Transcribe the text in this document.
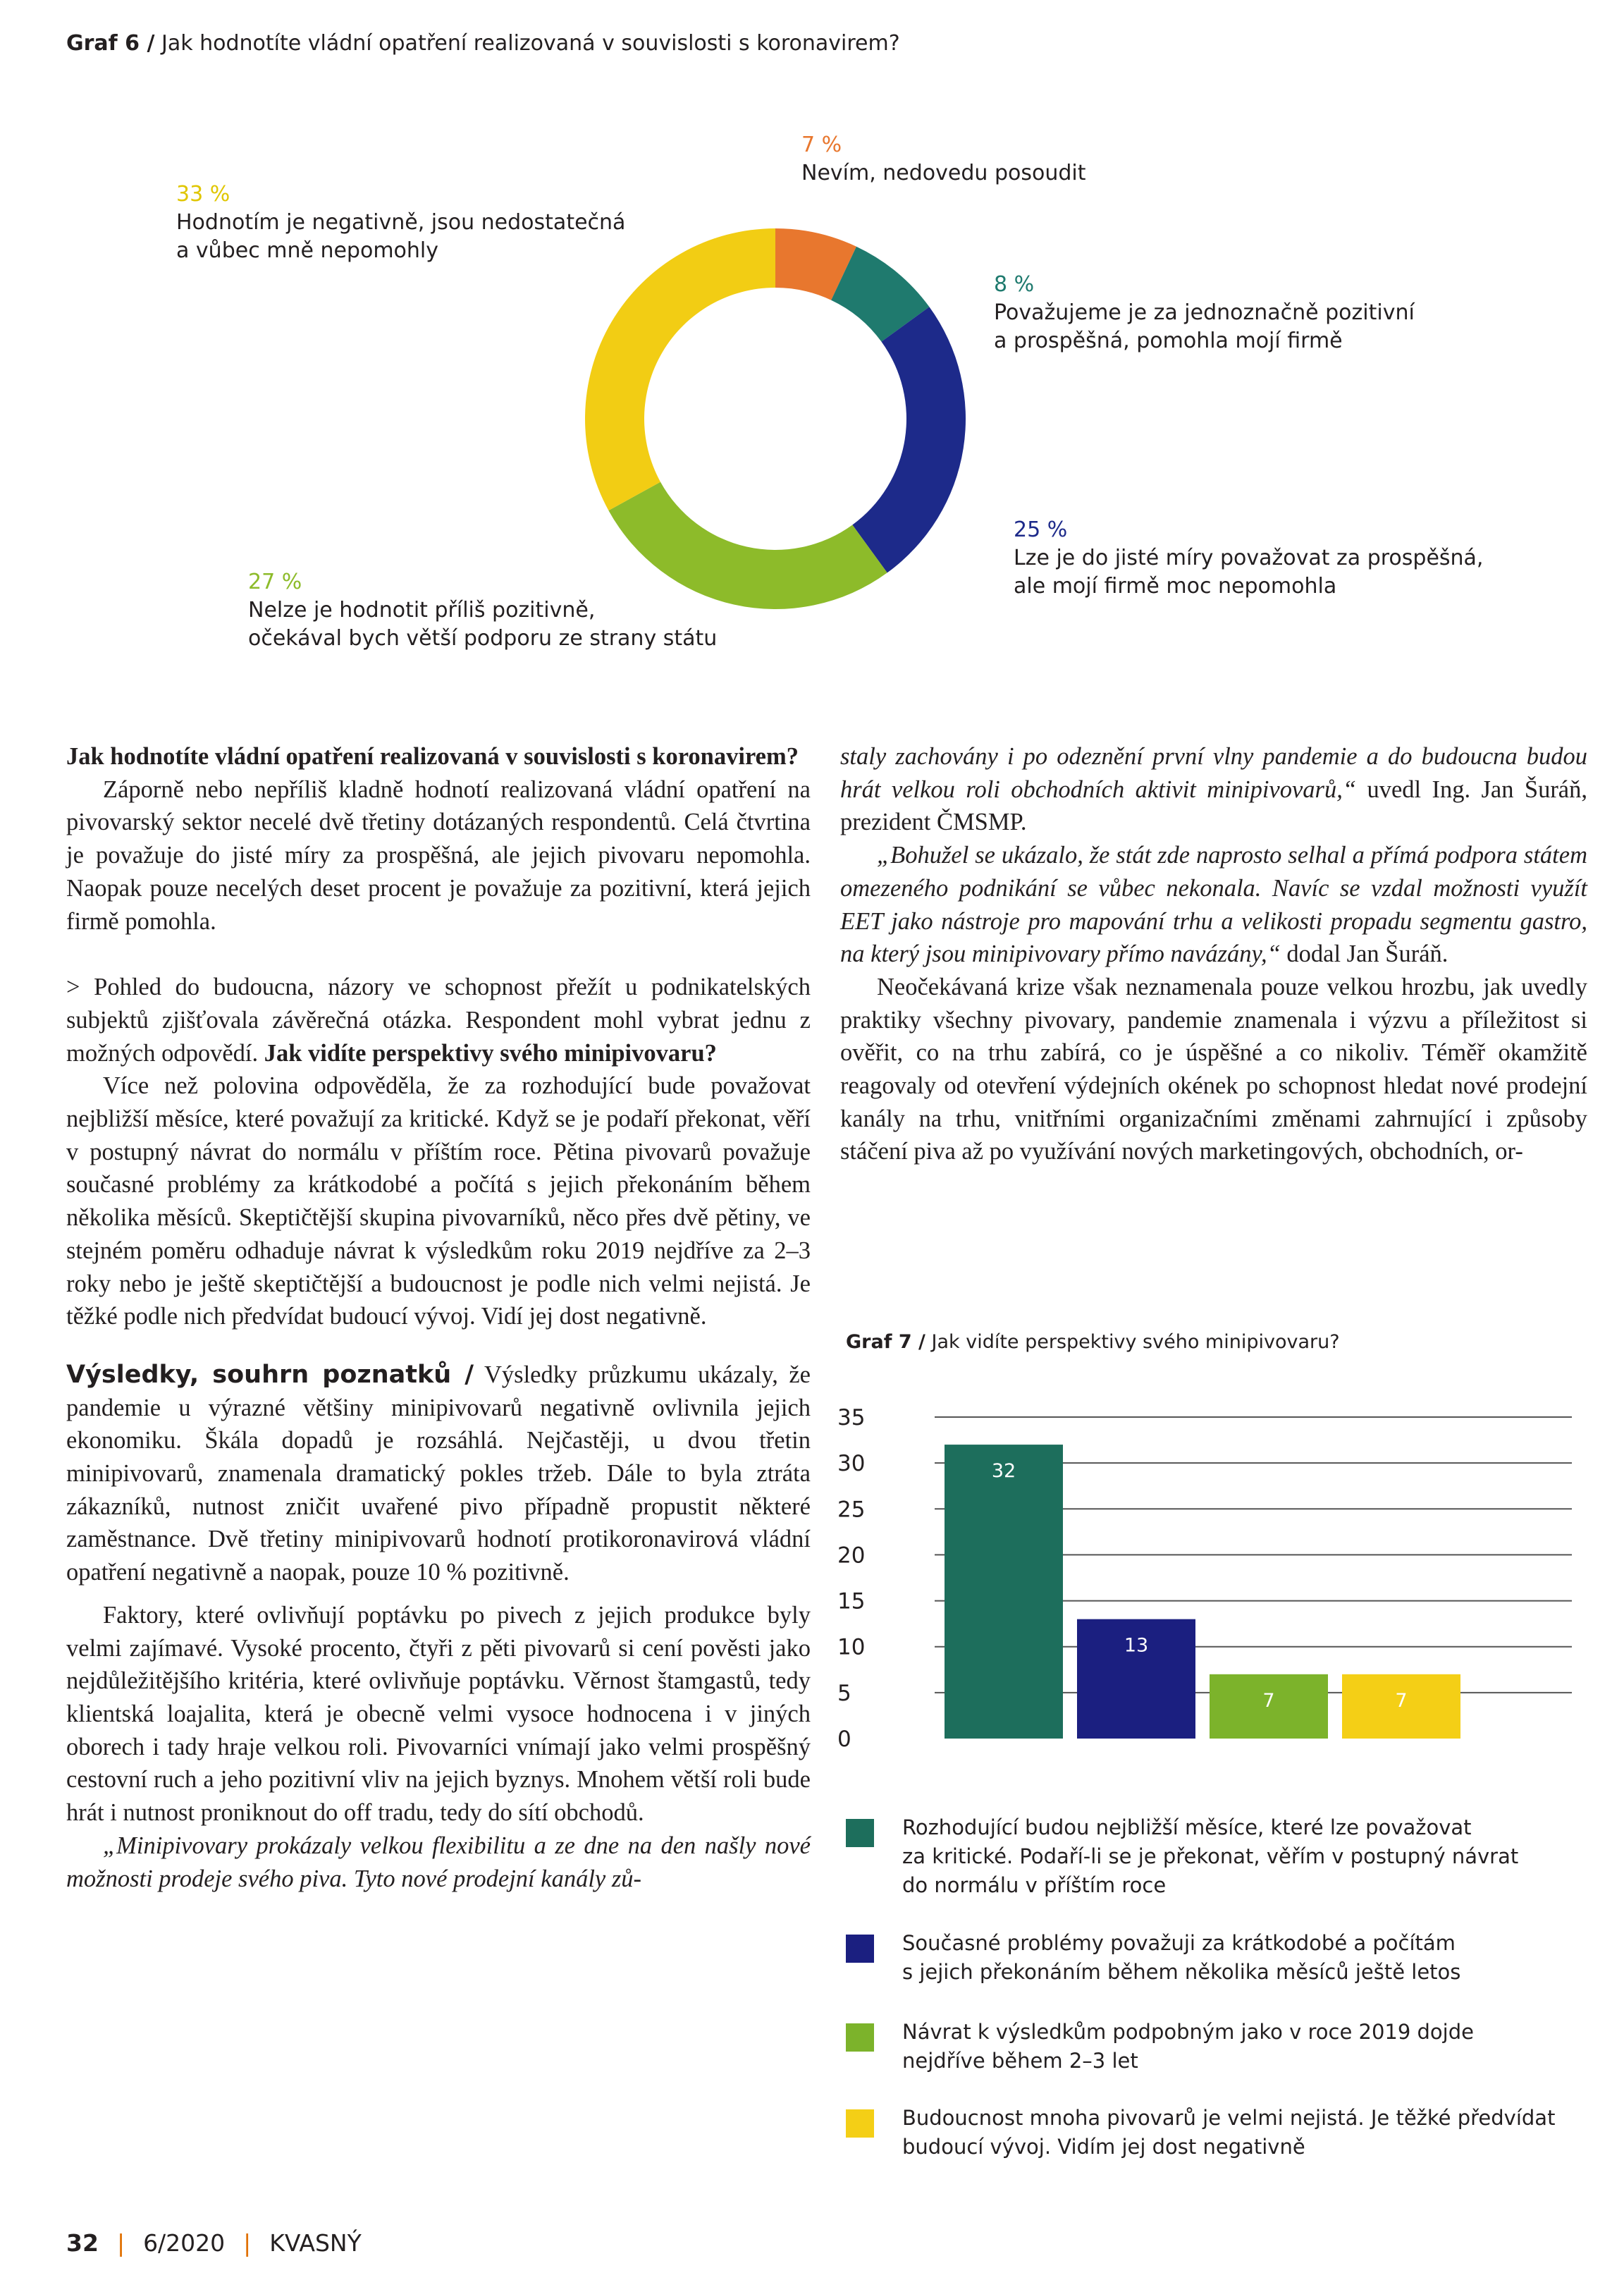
Graf 6 / Jak hodnotíte vládní opatření realizovaná v souvislosti s koronavirem?
7 %
Nevím, nedovedu posoudit
8 %
Považujeme je za jednoznačně pozitivní
a prospěšná, pomohla mojí firmě
25 %
Lze je do jisté míry považovat za prospěšná,
ale mojí firmě moc nepomohla
27 %
Nelze je hodnotit příliš pozitivně,
očekával bych větší podporu ze strany státu
33 %
Hodnotím je negativně, jsou nedostatečná
a vůbec mně nepomohly

Jak hodnotíte vládní opatření realizovaná v souvislosti s koronavirem?

Záporně nebo nepříliš kladně hodnotí realizovaná vládní opatření na pivovarský sektor necelé dvě třetiny dotázaných respondentů. Celá čtvrtina je považuje do jisté míry za prospěšná, ale jejich pivovaru nepomohla. Naopak pouze necelých deset procent je považuje za pozitivní, která jejich firmě pomohla.

> Pohled do budoucna, názory ve schopnost přežít u podnikatelských subjektů zjišťovala závěrečná otázka. Respondent mohl vybrat jednu z možných odpovědí. Jak vidíte perspektivy svého minipivovaru?

Více než polovina odpověděla, že za rozhodující bude považovat nejbližší měsíce, které považují za kritické. Když se je podaří překonat, věří v postupný návrat do normálu v příštím roce. Pětina pivovarů považuje současné problémy za krátkodobé a počítá s jejich překonáním během několika měsíců. Skeptičtější skupina pivovarníků, něco přes dvě pětiny, ve stejném poměru odhaduje návrat k výsledkům roku 2019 nejdříve za 2–3 roky nebo je ještě skeptičtější a budoucnost je podle nich velmi nejistá. Je těžké podle nich předvídat budoucí vývoj. Vidí jej dost negativně.

Výsledky, souhrn poznatků / Výsledky průzkumu ukázaly, že pandemie u výrazné většiny minipivovarů negativně ovlivnila jejich ekonomiku. Škála dopadů je rozsáhlá. Nejčastěji, u dvou třetin minipivovarů, znamenala dramatický pokles tržeb. Dále to byla ztráta zákazníků, nutnost zničit uvařené pivo případně propustit některé zaměstnance. Dvě třetiny minipivovarů hodnotí protikoronavirová vládní opatření negativně a naopak, pouze 10 % pozitivně.

Faktory, které ovlivňují poptávku po pivech z jejich produkce byly velmi zajímavé. Vysoké procento, čtyři z pěti pivovarů si cení pověsti jako nejdůležitějšího kritéria, které ovlivňuje poptávku. Věrnost štamgastů, tedy klientská loajalita, která je obecně velmi vysoce hodnocena i v jiných oborech i tady hraje velkou roli. Pivovarníci vnímají jako velmi prospěšný cestovní ruch a jeho pozitivní vliv na jejich byznys. Mnohem větší roli bude hrát i nutnost proniknout do off tradu, tedy do sítí obchodů.

„Minipivovary prokázaly velkou flexibilitu a ze dne na den našly nové možnosti prodeje svého piva. Tyto nové prodejní kanály zů-

staly zachovány i po odeznění první vlny pandemie a do budoucna budou hrát velkou roli obchodních aktivit minipivovarů,“ uvedl Ing. Jan Šuráň, prezident ČMSMP.

„Bohužel se ukázalo, že stát zde naprosto selhal a přímá podpora státem omezeného podnikání se vůbec nekonala. Navíc se vzdal možnosti využít EET jako nástroje pro mapování trhu a velikosti propadu segmentu gastro, na který jsou minipivovary přímo navázány,“ dodal Jan Šuráň.

Neočekávaná krize však neznamenala pouze velkou hrozbu, jak uvedly praktiky všechny pivovary, pandemie znamenala i výzvu a příležitost si ověřit, co na trhu zabírá, co je úspěšné a co nikoliv. Téměř okamžitě reagovaly od otevření výdejních okének po schopnost hledat nové prodejní kanály na trhu, vnitřními organizačními změnami zahrnující i způsoby stáčení piva až po využívání nových marketingových, obchodních, or-

Graf 7 / Jak vidíte perspektivy svého minipivovaru?
0
5
10
15
20
25
30
35
32
13
7	7
Rozhodující budou nejbližší měsíce, které lze považovat
za kritické. Podaří-li se je překonat, věřím v postupný návrat
do normálu v příštím roce
Současné problémy považuji za krátkodobé a počítám
s jejich překonáním během několika měsíců ještě letos
Návrat k výsledkům podpobným jako v roce 2019 dojde
nejdříve během 2–3 let
Budoucnost mnoha pivovarů je velmi nejistá. Je těžké předvídat
budoucí vývoj. Vidím jej dost negativně
32 | 6/2020 | KVASNÝ
